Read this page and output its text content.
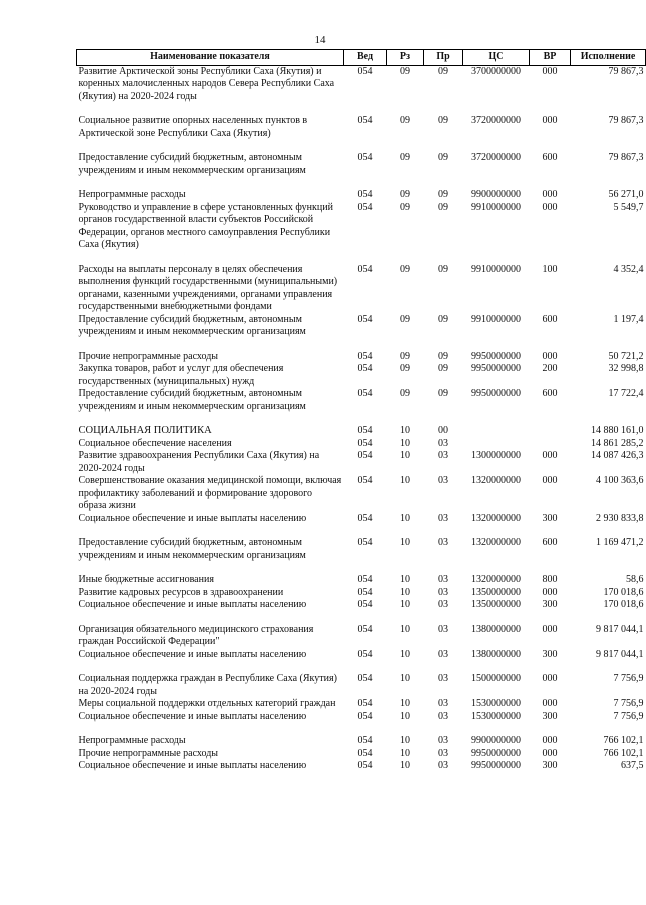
14
Наименование показателя	Вед	Рз	Пр	ЦС	ВР	Исполнение
Развитие Арктической зоны Республики Саха (Якутия) и коренных малочисленных народов Севера Республики Саха (Якутия) на 2020-2024 годы	054	09	09	3700000000	000	79 867,3
Социальное развитие опорных населенных пунктов в Арктической зоне Республики Саха (Якутия)	054	09	09	3720000000	000	79 867,3
Предоставление субсидий бюджетным, автономным учреждениям и иным некоммерческим организациям	054	09	09	3720000000	600	79 867,3
Непрограммные расходы	054	09	09	9900000000	000	56 271,0
Руководство и управление в сфере установленных функций органов государственной власти субъектов Российской Федерации, органов местного самоуправления Республики Саха (Якутия)	054	09	09	9910000000	000	5 549,7
Расходы на выплаты персоналу в целях обеспечения выполнения функций государственными (муниципальными) органами, казенными учреждениями, органами управления государственными внебюджетными фондами	054	09	09	9910000000	100	4 352,4
Предоставление субсидий бюджетным, автономным учреждениям и иным некоммерческим организациям	054	09	09	9910000000	600	1 197,4
Прочие непрограммные расходы	054	09	09	9950000000	000	50 721,2
Закупка товаров, работ и услуг для обеспечения государственных (муниципальных) нужд	054	09	09	9950000000	200	32 998,8
Предоставление субсидий бюджетным, автономным учреждениям и иным некоммерческим организациям	054	09	09	9950000000	600	17 722,4
СОЦИАЛЬНАЯ ПОЛИТИКА	054	10	00			14 880 161,0
Социальное обеспечение населения	054	10	03			14 861 285,2
Развитие здравоохранения Республики Саха (Якутия) на 2020-2024 годы	054	10	03	1300000000	000	14 087 426,3
Совершенствование оказания медицинской помощи, включая профилактику заболеваний и формирование здорового образа жизни	054	10	03	1320000000	000	4 100 363,6
Социальное обеспечение и иные выплаты населению	054	10	03	1320000000	300	2 930 833,8
Предоставление субсидий бюджетным, автономным учреждениям и иным некоммерческим организациям	054	10	03	1320000000	600	1 169 471,2
Иные бюджетные ассигнования	054	10	03	1320000000	800	58,6
Развитие кадровых ресурсов в здравоохранении	054	10	03	1350000000	000	170 018,6
Социальное обеспечение и иные выплаты населению	054	10	03	1350000000	300	170 018,6
Организация обязательного медицинского страхования граждан Российской Федерации"	054	10	03	1380000000	000	9 817 044,1
Социальное обеспечение и иные выплаты населению	054	10	03	1380000000	300	9 817 044,1
Социальная поддержка граждан в Республике Саха (Якутия) на 2020-2024 годы	054	10	03	1500000000	000	7 756,9
Меры социальной поддержки отдельных категорий граждан	054	10	03	1530000000	000	7 756,9
Социальное обеспечение и иные выплаты населению	054	10	03	1530000000	300	7 756,9
Непрограммные расходы	054	10	03	9900000000	000	766 102,1
Прочие непрограммные расходы	054	10	03	9950000000	000	766 102,1
Социальное обеспечение и иные выплаты населению	054	10	03	9950000000	300	637,5
